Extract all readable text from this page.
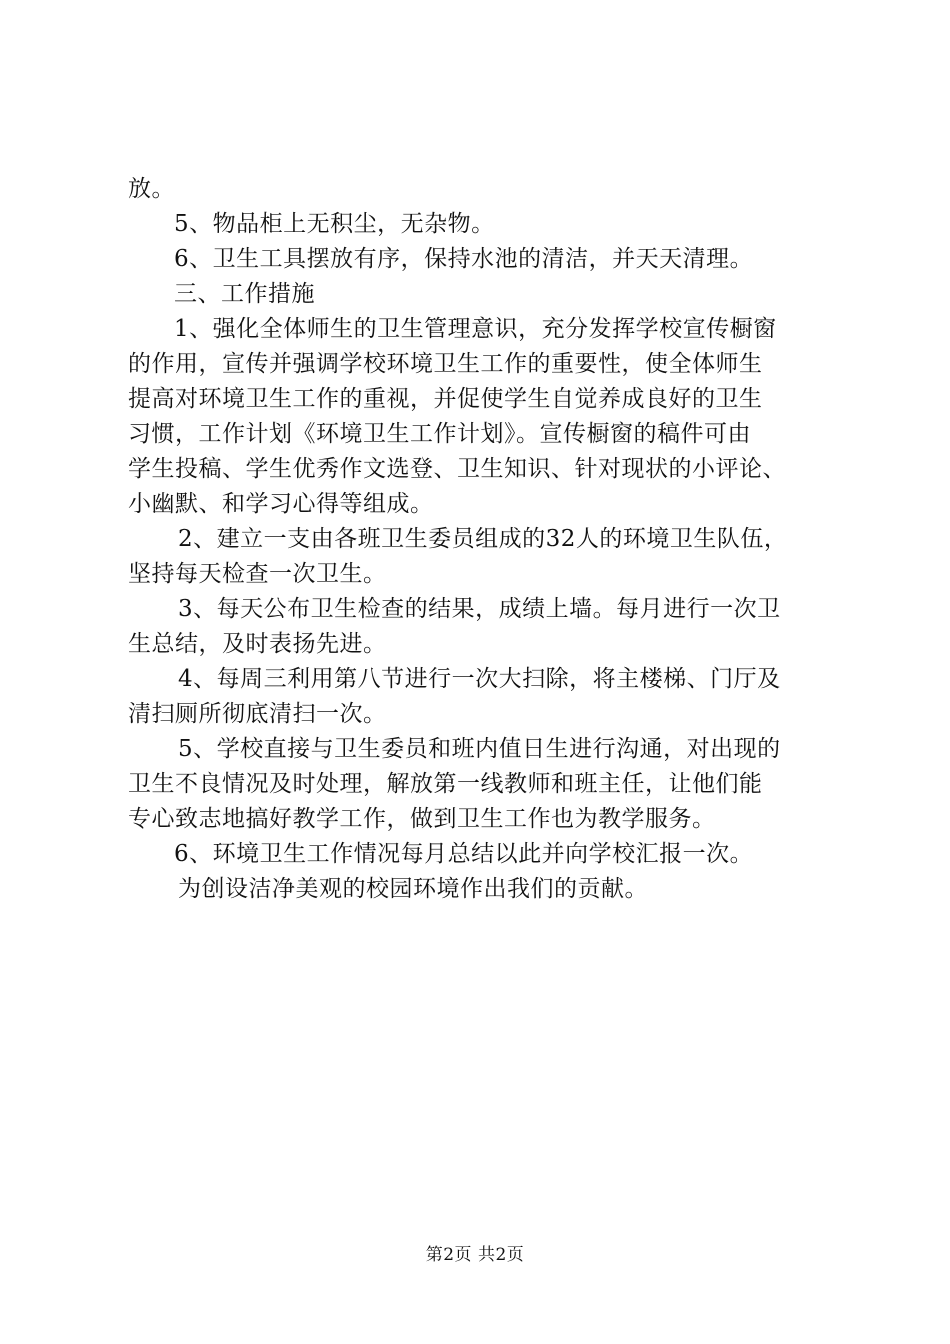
放。
5、物品柜上无积尘，无杂物。
6、卫生工具摆放有序，保持水池的清洁，并天天清理。
三、工作措施
1、强化全体师生的卫生管理意识，充分发挥学校宣传橱窗
的作用，宣传并强调学校环境卫生工作的重要性，使全体师生
提高对环境卫生工作的重视，并促使学生自觉养成良好的卫生
习惯，工作计划《环境卫生工作计划》。宣传橱窗的稿件可由
学生投稿、学生优秀作文选登、卫生知识、针对现状的小评论、
小幽默、和学习心得等组成。
2、建立一支由各班卫生委员组成的32人的环境卫生队伍，
坚持每天检查一次卫生。
3、每天公布卫生检查的结果，成绩上墙。每月进行一次卫
生总结，及时表扬先进。
4、每周三利用第八节进行一次大扫除，将主楼梯、门厅及
清扫厕所彻底清扫一次。
5、学校直接与卫生委员和班内值日生进行沟通，对出现的
卫生不良情况及时处理，解放第一线教师和班主任，让他们能
专心致志地搞好教学工作，做到卫生工作也为教学服务。
6、环境卫生工作情况每月总结以此并向学校汇报一次。
为创设洁净美观的校园环境作出我们的贡献。
第2页 共2页
